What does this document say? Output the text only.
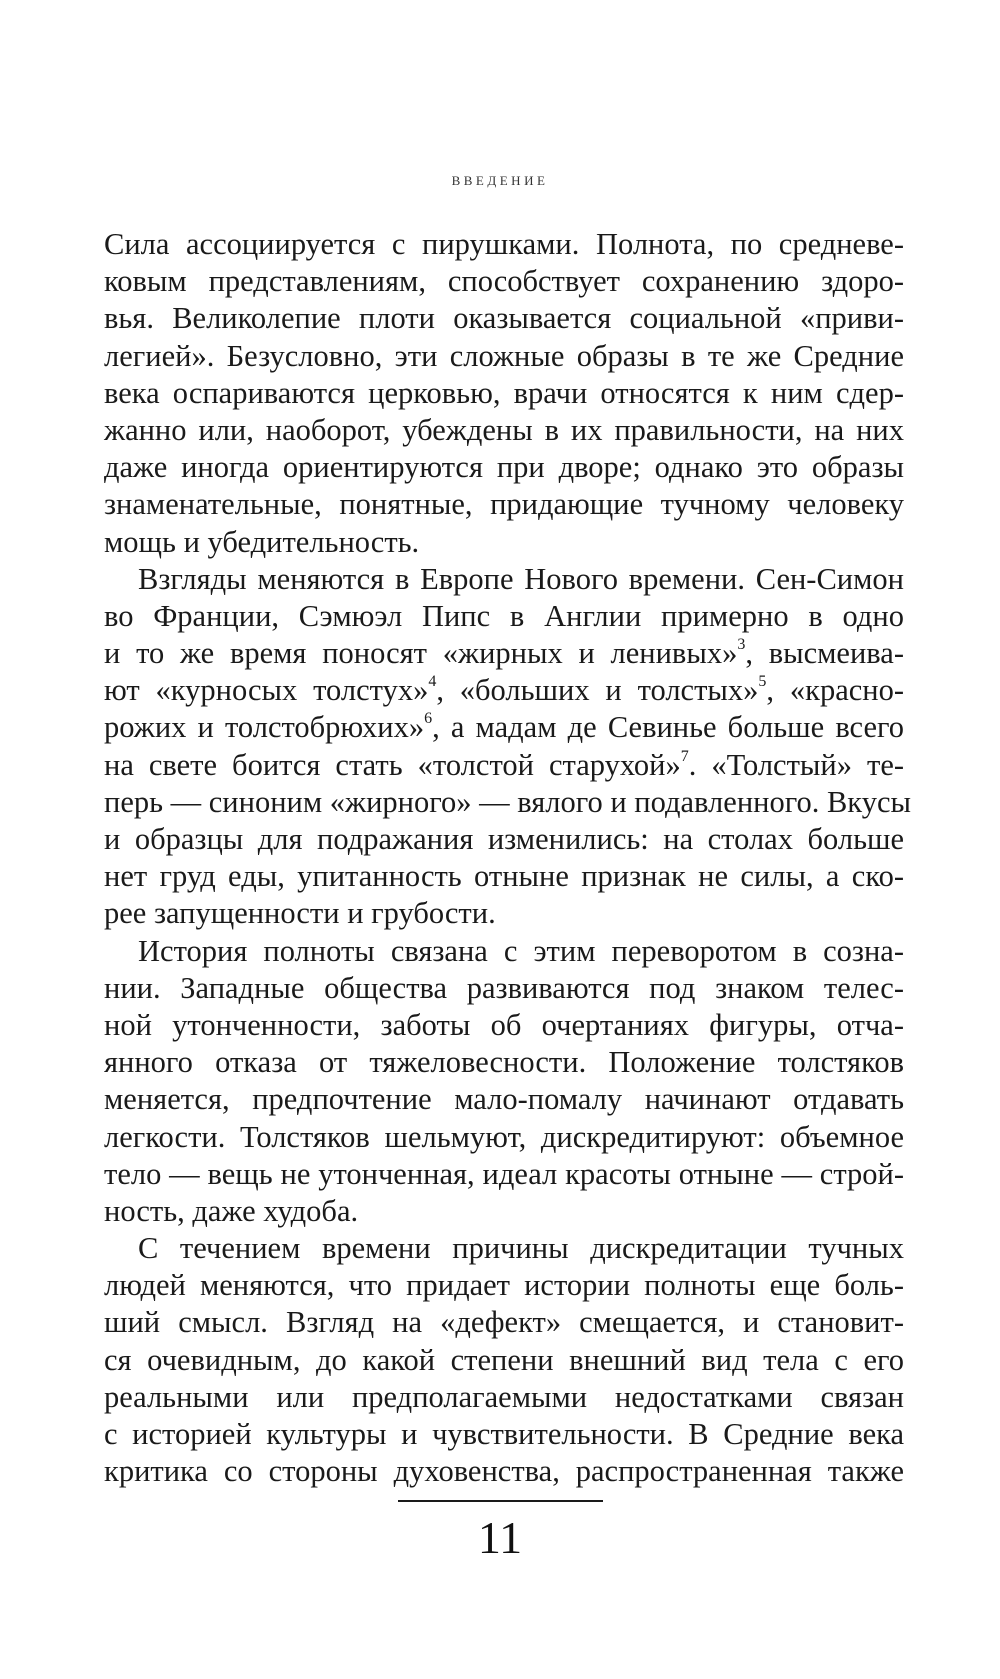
ВВЕДЕНИЕ
Сила ассоциируется с пирушками. Полнота, по средневе-
ковым представлениям, способствует сохранению здоро-
вья. Великолепие плоти оказывается социальной «приви-
легией». Безусловно, эти сложные образы в те же Средние
века оспариваются церковью, врачи относятся к ним сдер-
жанно или, наоборот, убеждены в их правильности, на них
даже иногда ориентируются при дворе; однако это образы
знаменательные, понятные, придающие тучному человеку
мощь и убедительность.
Взгляды меняются в Европе Нового времени. Сен-Симон
во Франции, Сэмюэл Пипс в Англии примерно в одно
и то же время поносят «жирных и ленивых»$^3$, высмеива-
ют «курносых толстух»$^4$, «больших и толстых»$^5$, «красно-
рожих и толстобрюхих»$^6$, а мадам де Севинье больше всего
на свете боится стать «толстой старухой»$^7$. «Толстый» те-
перь — синоним «жирного» — вялого и подавленного. Вкусы
и образцы для подражания изменились: на столах больше
нет груд еды, упитанность отныне признак не силы, а ско-
рее запущенности и грубости.
История полноты связана с этим переворотом в созна-
нии. Западные общества развиваются под знаком телес-
ной утонченности, заботы об очертаниях фигуры, отча-
янного отказа от тяжеловесности. Положение толстяков
меняется, предпочтение мало-помалу начинают отдавать
легкости. Толстяков шельмуют, дискредитируют: объемное
тело — вещь не утонченная, идеал красоты отныне — строй-
ность, даже худоба.
С течением времени причины дискредитации тучных
людей меняются, что придает истории полноты еще боль-
ший смысл. Взгляд на «дефект» смещается, и становит-
ся очевидным, до какой степени внешний вид тела с его
реальными или предполагаемыми недостатками связан
с историей культуры и чувствительности. В Средние века
критика со стороны духовенства, распространенная также
11
